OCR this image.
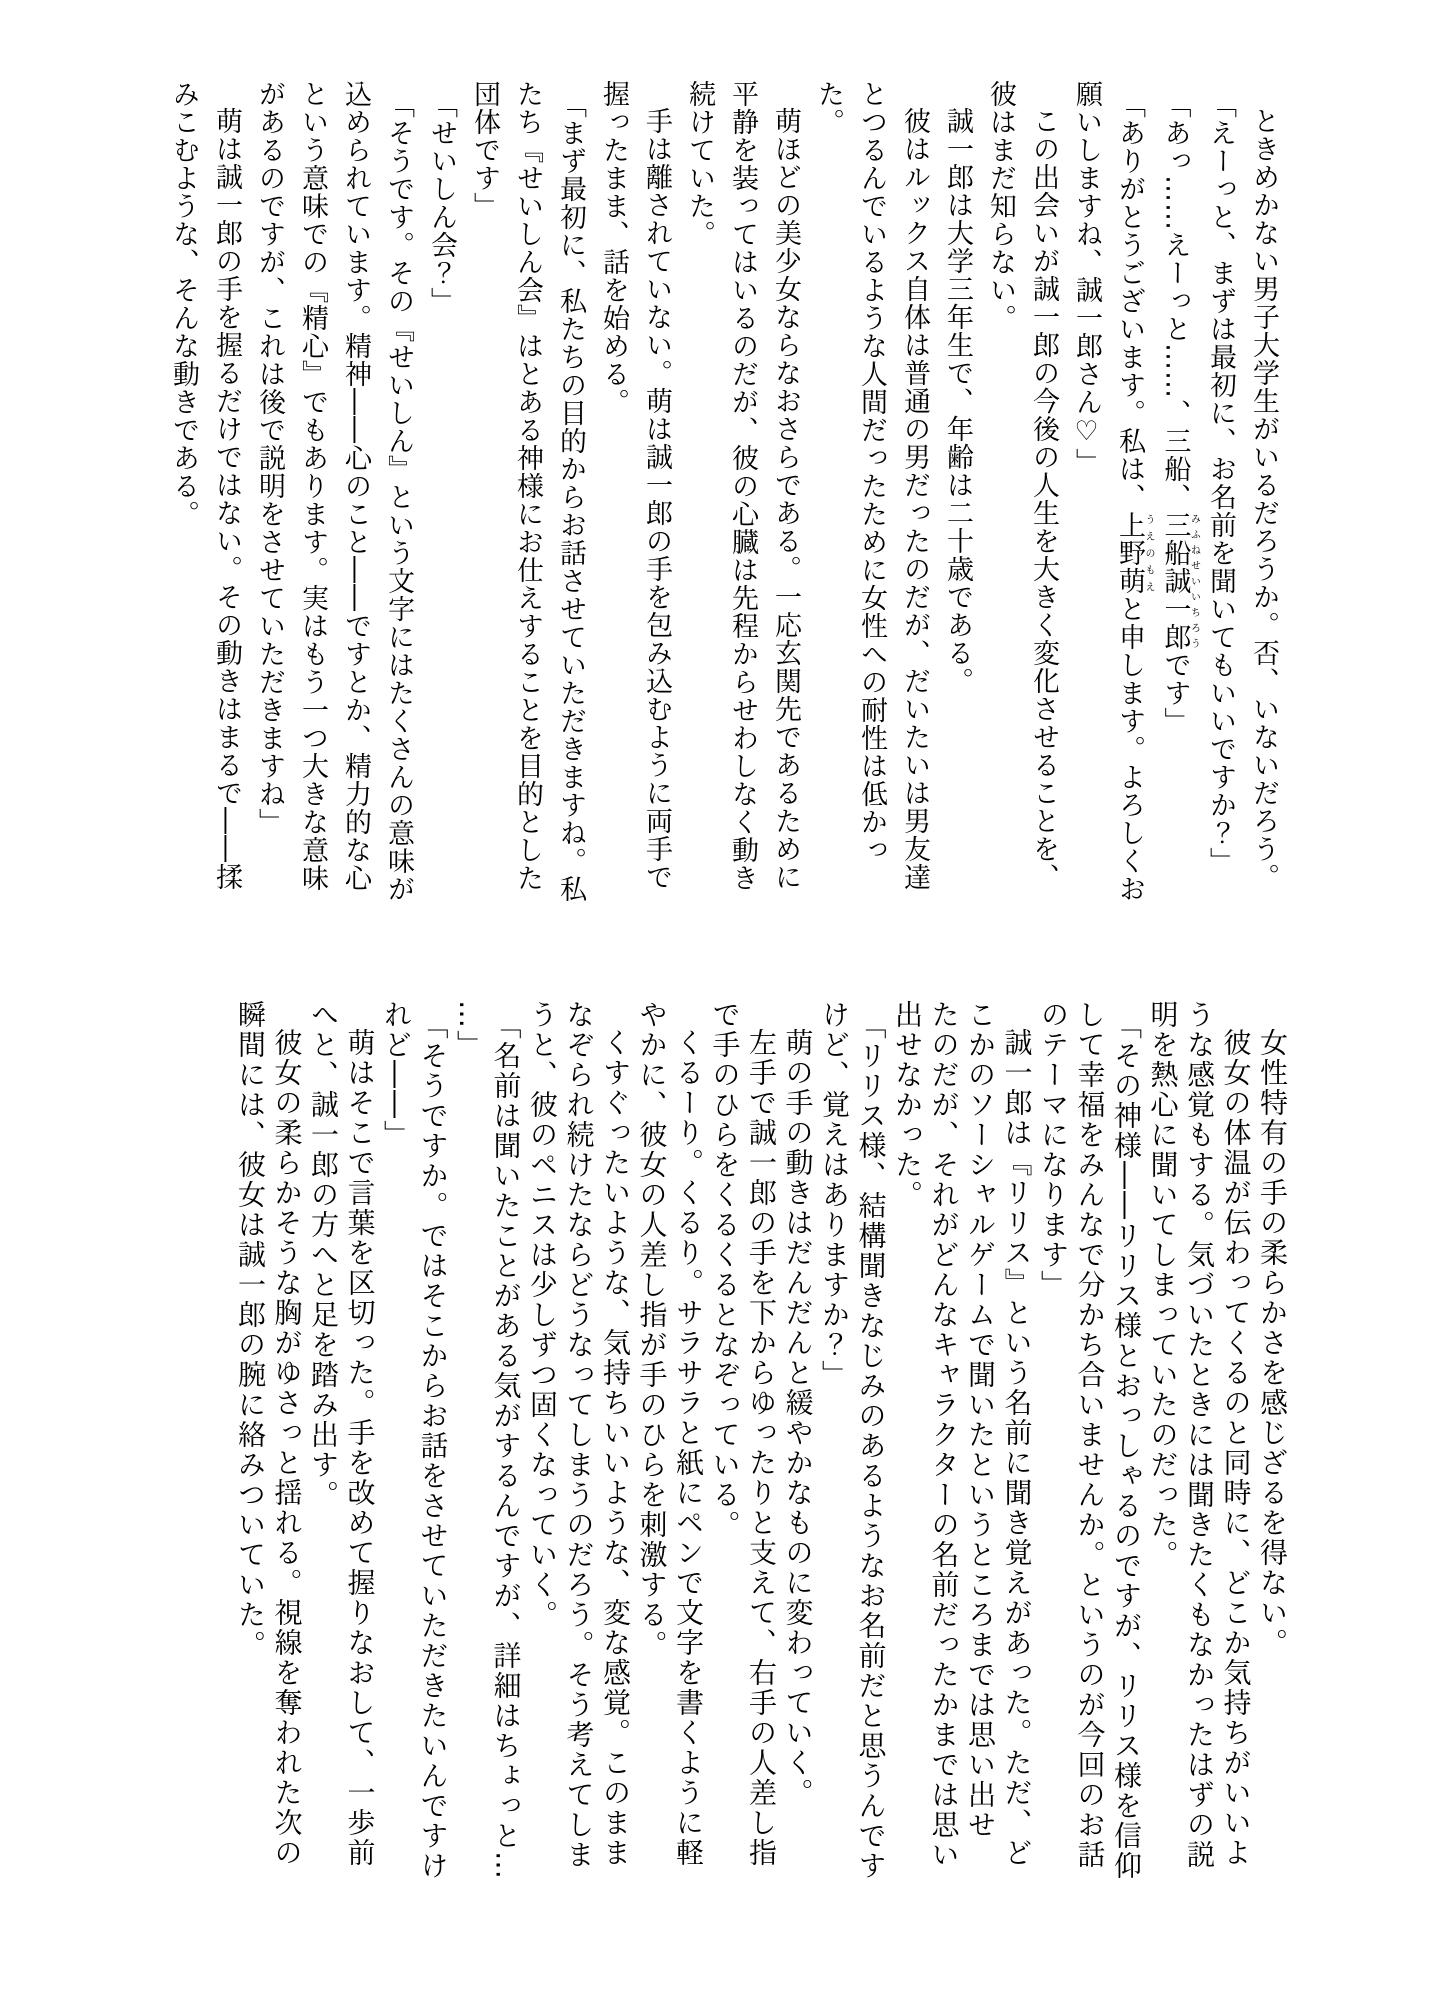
ときめかない男子大学生がいるだろうか。否、いないだろう。

「えーっと、まずは最初に、お名前を聞いてもいいですか？」

「あっ……えーっと……、三船、三船誠一郎みふねせいいちろうです」

「ありがとうございます。私は、上野萌うえのもえと申します。よろしくお

願いしますね、誠一郎さん♡」

この出会いが誠一郎の今後の人生を大きく変化させることを、

彼はまだ知らない。

誠一郎は大学三年生で、年齢は二十歳である。

彼はルックス自体は普通の男だったのだが、だいたいは男友達

とつるんでいるような人間だったために女性への耐性は低かっ

た。

萌ほどの美少女ならなおさらである。一応玄関先であるために

平静を装ってはいるのだが、彼の心臓は先程からせわしなく動き

続けていた。

手は離されていない。萌は誠一郎の手を包み込むように両手で

握ったまま、話を始める。

「まず最初に、私たちの目的からお話させていただきますね。私

たち『せいしん会』はとある神様にお仕えすることを目的とした

団体です」

「せいしん会？」

「そうです。その『せいしん』という文字にはたくさんの意味が

込められています。精神――心のこと――ですとか、精力的な心

という意味での『精心』でもあります。実はもう一つ大きな意味

があるのですが、これは後で説明をさせていただきますね」

萌は誠一郎の手を握るだけではない。その動きはまるで――揉

みこむような、そんな動きである。

女性特有の手の柔らかさを感じざるを得ない。

彼女の体温が伝わってくるのと同時に、どこか気持ちがいいよ

うな感覚もする。気づいたときには聞きたくもなかったはずの説

明を熱心に聞いてしまっていたのだった。

「その神様――リリス様とおっしゃるのですが、リリス様を信仰

して幸福をみんなで分かち合いませんか。というのが今回のお話

のテーマになります」

誠一郎は『リリス』という名前に聞き覚えがあった。ただ、ど

こかのソーシャルゲームで聞いたというところまでは思い出せ

たのだが、それがどんなキャラクターの名前だったかまでは思い

出せなかった。

「リリス様、結構聞きなじみのあるようなお名前だと思うんです

けど、覚えはありますか？」

萌の手の動きはだんだんと緩やかなものに変わっていく。

左手で誠一郎の手を下からゆったりと支えて、右手の人差し指

で手のひらをくるくるとなぞっている。

くるーり。くるり。サラサラと紙にペンで文字を書くように軽

やかに、彼女の人差し指が手のひらを刺激する。

くすぐったいような、気持ちいいような、変な感覚。このまま

なぞられ続けたならどうなってしまうのだろう。そう考えてしま

うと、彼のペニスは少しずつ固くなっていく。

「名前は聞いたことがある気がするんですが、詳細はちょっと…

…」

「そうですか。ではそこからお話をさせていただきたいんですけ

れど――」

萌はそこで言葉を区切った。手を改めて握りなおして、一歩前

へと、誠一郎の方へと足を踏み出す。

彼女の柔らかそうな胸がゆさっと揺れる。視線を奪われた次の

瞬間には、彼女は誠一郎の腕に絡みついていた。
